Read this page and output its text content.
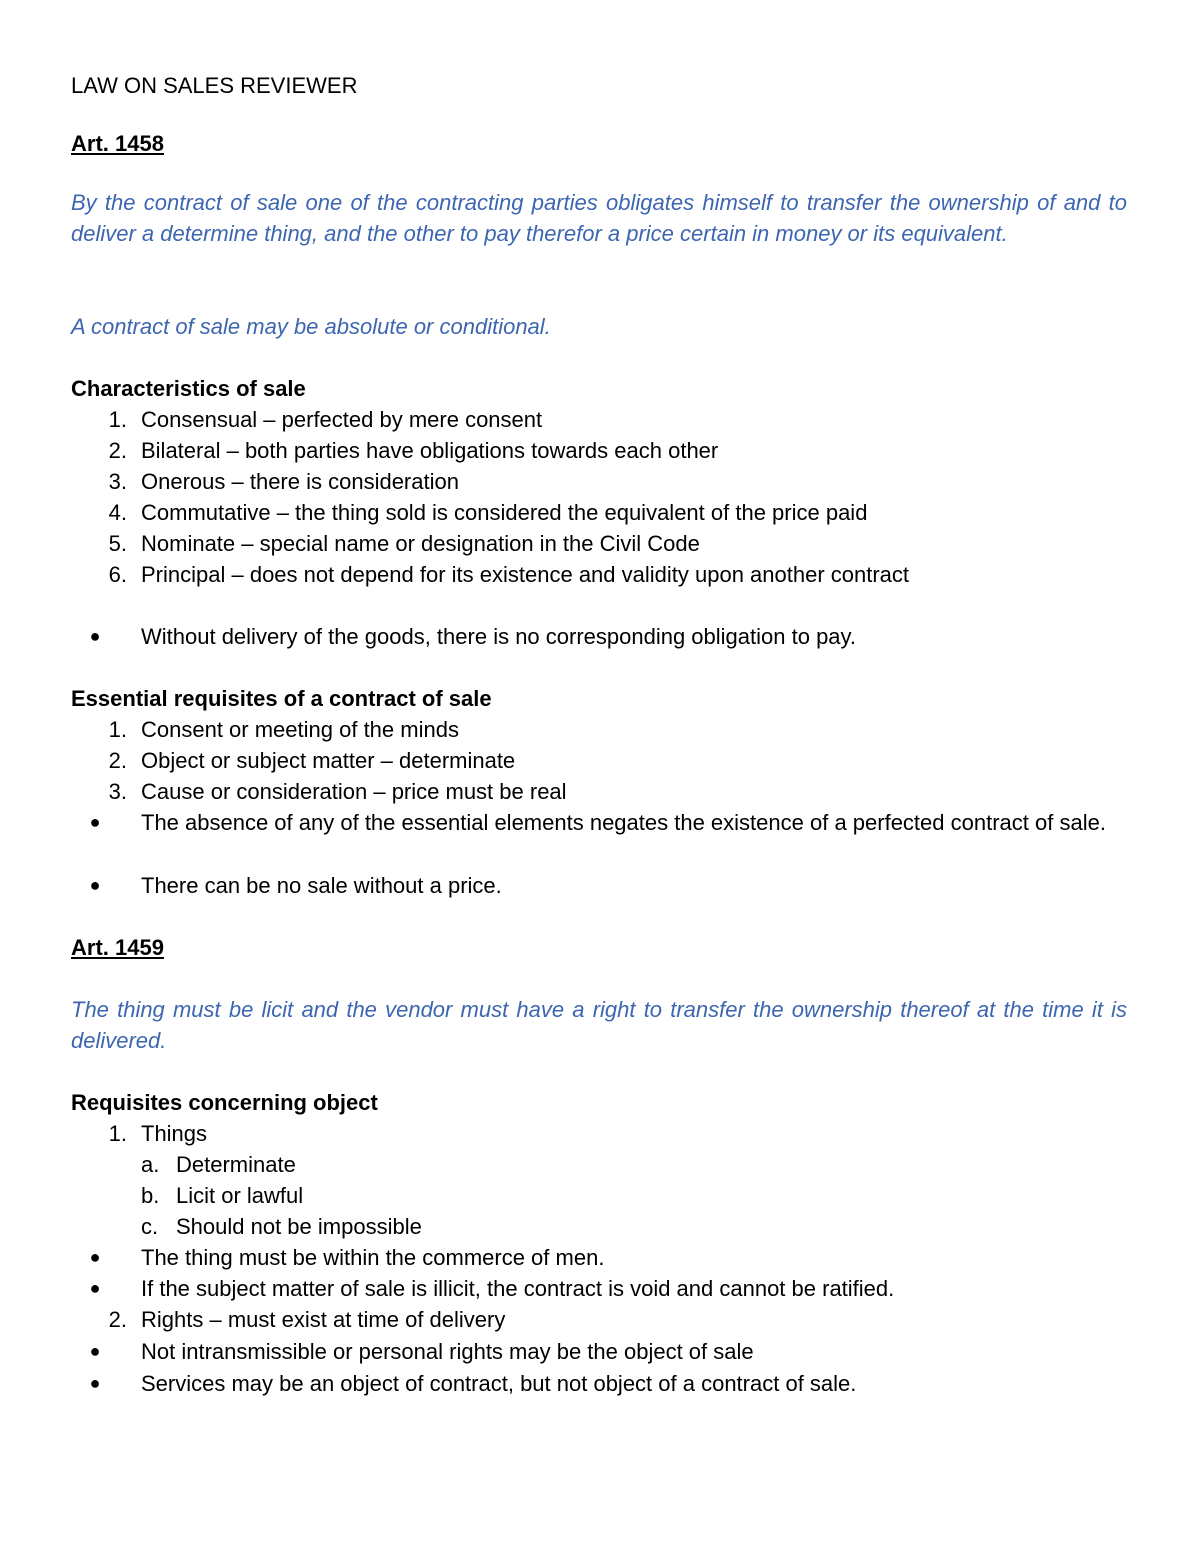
LAW ON SALES REVIEWER
Art. 1458
By the contract of sale one of the contracting parties obligates himself to transfer the ownership of and to deliver a determine thing, and the other to pay therefor a price certain in money or its equivalent.
A contract of sale may be absolute or conditional.
Characteristics of sale
1. Consensual – perfected by mere consent
2. Bilateral – both parties have obligations towards each other
3. Onerous – there is consideration
4. Commutative – the thing sold is considered the equivalent of the price paid
5. Nominate – special name or designation in the Civil Code
6. Principal – does not depend for its existence and validity upon another contract
●	Without delivery of the goods, there is no corresponding obligation to pay.
Essential requisites of a contract of sale
1. Consent or meeting of the minds
2. Object or subject matter – determinate
3. Cause or consideration – price must be real
●	The absence of any of the essential elements negates the existence of a perfected contract of sale.
●	There can be no sale without a price.
Art. 1459
The thing must be licit and the vendor must have a right to transfer the ownership thereof at the time it is delivered.
Requisites concerning object
1. Things
a. Determinate
b. Licit or lawful
c. Should not be impossible
●	The thing must be within the commerce of men.
●	If the subject matter of sale is illicit, the contract is void and cannot be ratified.
2. Rights – must exist at time of delivery
●	Not intransmissible or personal rights may be the object of sale
●	Services may be an object of contract, but not object of a contract of sale.
